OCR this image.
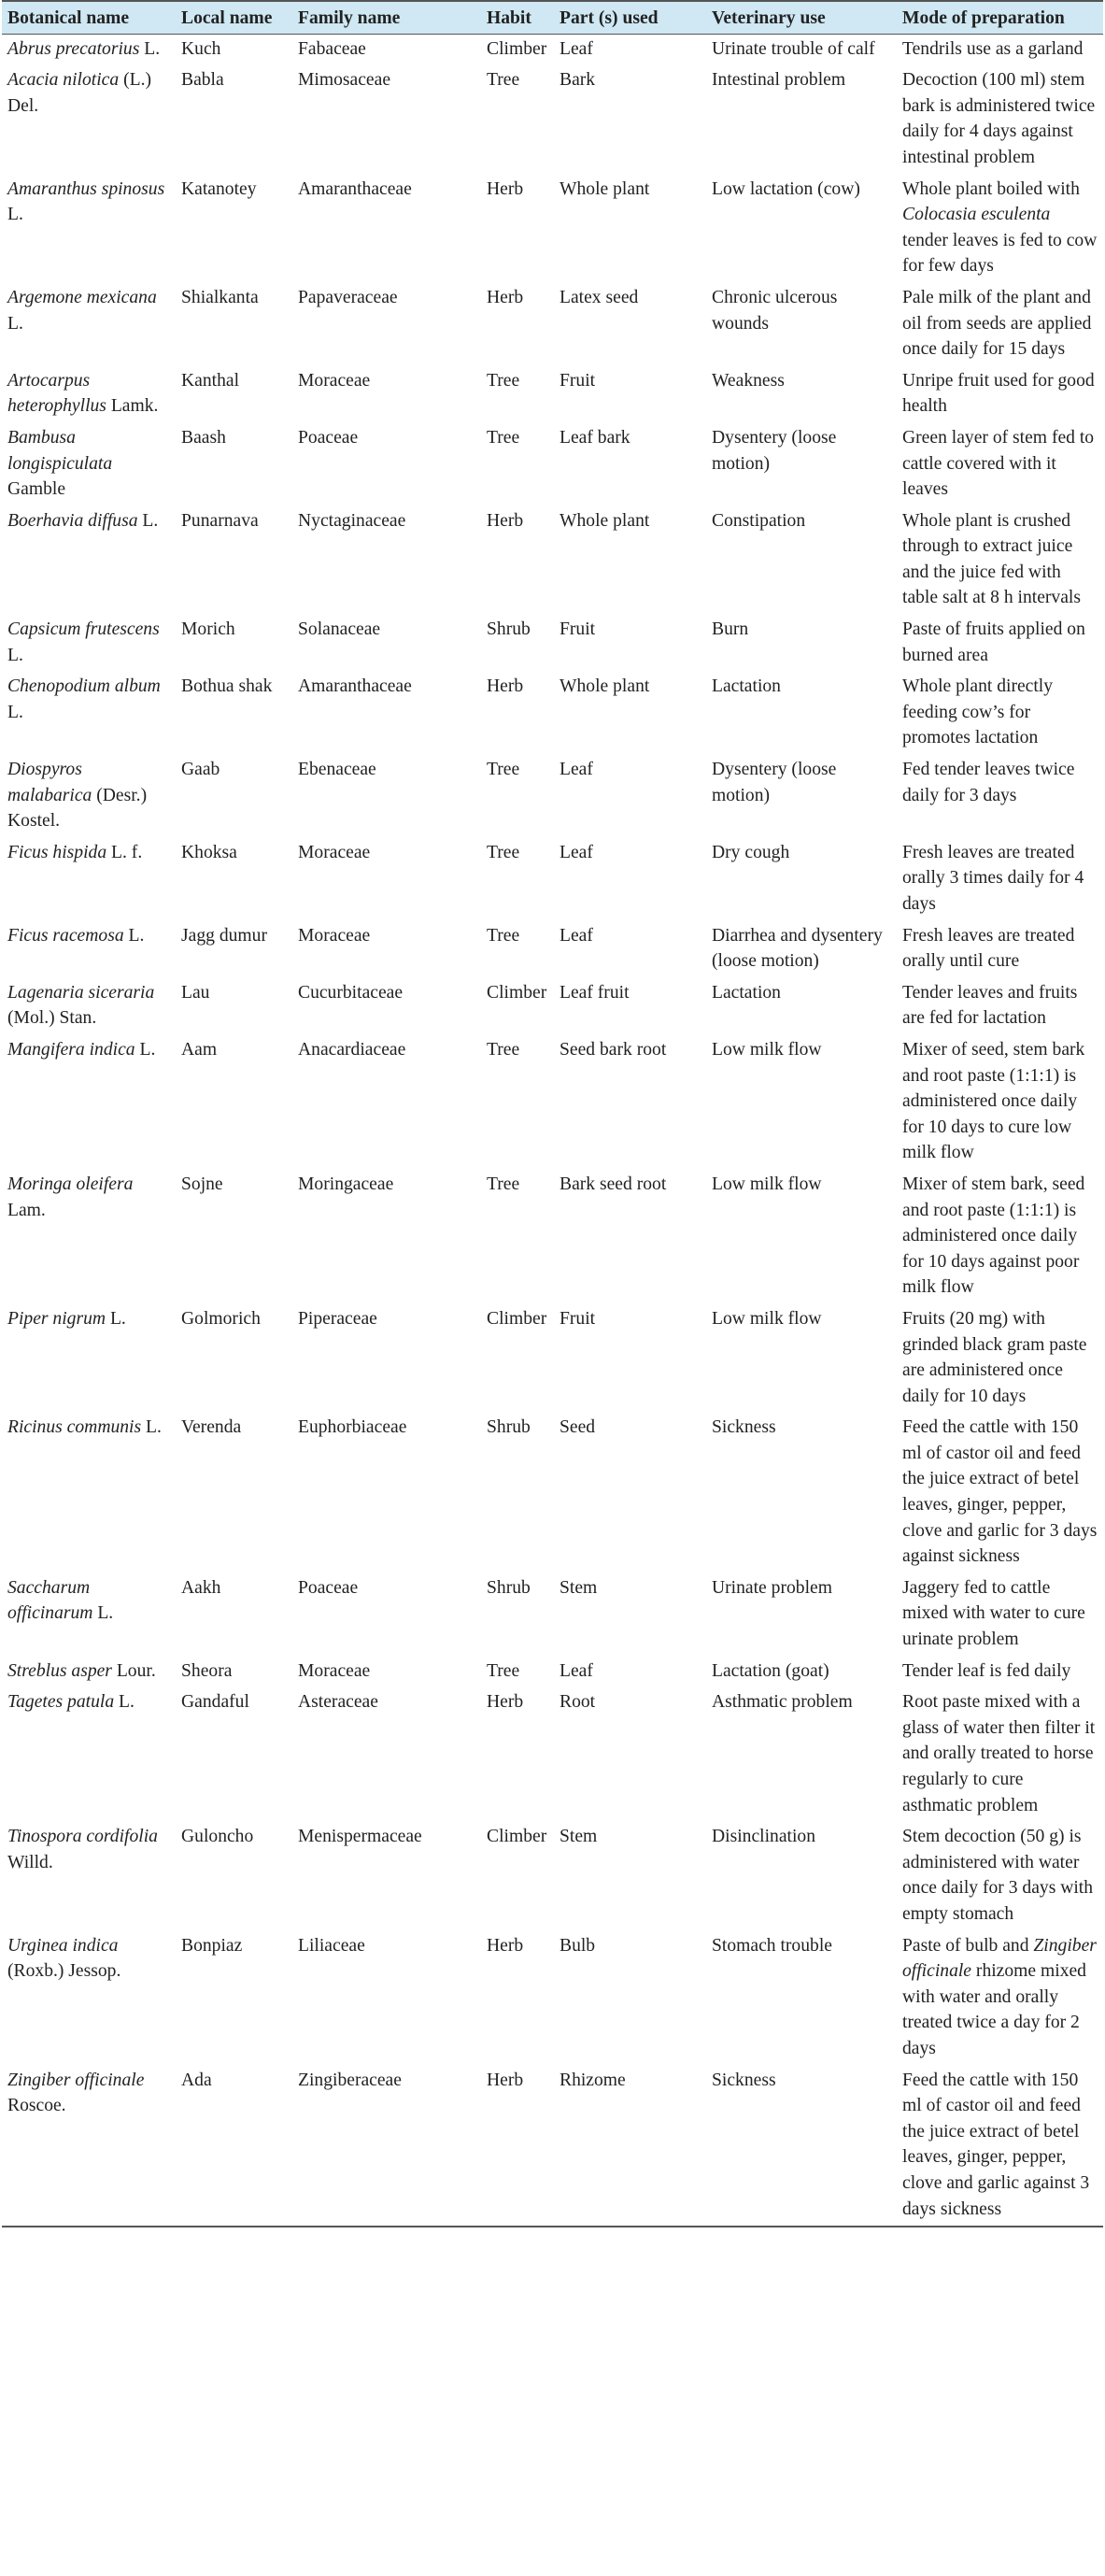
Botanical name	Local name	Family name	Habit	Part (s) used	Veterinary use	Mode of preparation
Abrus precatorius L.	Kuch	Fabaceae	Climber	Leaf	Urinate trouble of calf	Tendrils use as a garland
Acacia nilotica (L.) Del.	Babla	Mimosaceae	Tree	Bark	Intestinal problem	Decoction (100 ml) stem bark is administered twice daily for 4 days against intestinal problem
Amaranthus spinosus L.	Katanotey	Amaranthaceae	Herb	Whole plant	Low lactation (cow)	Whole plant boiled with Colocasia esculenta tender leaves is fed to cow for few days
Argemone mexicana L.	Shialkanta	Papaveraceae	Herb	Latex seed	Chronic ulcerous wounds	Pale milk of the plant and oil from seeds are applied once daily for 15 days
Artocarpus heterophyllus Lamk.	Kanthal	Moraceae	Tree	Fruit	Weakness	Unripe fruit used for good health
Bambusa longispiculata Gamble	Baash	Poaceae	Tree	Leaf bark	Dysentery (loose motion)	Green layer of stem fed to cattle covered with it leaves
Boerhavia diffusa L.	Punarnava	Nyctaginaceae	Herb	Whole plant	Constipation	Whole plant is crushed through to extract juice and the juice fed with table salt at 8 h intervals
Capsicum frutescens L.	Morich	Solanaceae	Shrub	Fruit	Burn	Paste of fruits applied on burned area
Chenopodium album L.	Bothua shak	Amaranthaceae	Herb	Whole plant	Lactation	Whole plant directly feeding cow’s for promotes lactation
Diospyros malabarica (Desr.) Kostel.	Gaab	Ebenaceae	Tree	Leaf	Dysentery (loose motion)	Fed tender leaves twice daily for 3 days
Ficus hispida L. f.	Khoksa	Moraceae	Tree	Leaf	Dry cough	Fresh leaves are treated orally 3 times daily for 4 days
Ficus racemosa L.	Jagg dumur	Moraceae	Tree	Leaf	Diarrhea and dysentery (loose motion)	Fresh leaves are treated orally until cure
Lagenaria siceraria (Mol.) Stan.	Lau	Cucurbitaceae	Climber	Leaf fruit	Lactation	Tender leaves and fruits are fed for lactation
Mangifera indica L.	Aam	Anacardiaceae	Tree	Seed bark root	Low milk flow	Mixer of seed, stem bark and root paste (1:1:1) is administered once daily for 10 days to cure low milk flow
Moringa oleifera Lam.	Sojne	Moringaceae	Tree	Bark seed root	Low milk flow	Mixer of stem bark, seed and root paste (1:1:1) is administered once daily for 10 days against poor milk flow
Piper nigrum L.	Golmorich	Piperaceae	Climber	Fruit	Low milk flow	Fruits (20 mg) with grinded black gram paste are administered once daily for 10 days
Ricinus communis L.	Verenda	Euphorbiaceae	Shrub	Seed	Sickness	Feed the cattle with 150 ml of castor oil and feed the juice extract of betel leaves, ginger, pepper, clove and garlic for 3 days against sickness
Saccharum officinarum L.	Aakh	Poaceae	Shrub	Stem	Urinate problem	Jaggery fed to cattle mixed with water to cure urinate problem
Streblus asper Lour.	Sheora	Moraceae	Tree	Leaf	Lactation (goat)	Tender leaf is fed daily
Tagetes patula L.	Gandaful	Asteraceae	Herb	Root	Asthmatic problem	Root paste mixed with a glass of water then filter it and orally treated to horse regularly to cure asthmatic problem
Tinospora cordifolia Willd.	Guloncho	Menispermaceae	Climber	Stem	Disinclination	Stem decoction (50 g) is administered with water once daily for 3 days with empty stomach
Urginea indica (Roxb.) Jessop.	Bonpiaz	Liliaceae	Herb	Bulb	Stomach trouble	Paste of bulb and Zingiber officinale rhizome mixed with water and orally treated twice a day for 2 days
Zingiber officinale Roscoe.	Ada	Zingiberaceae	Herb	Rhizome	Sickness	Feed the cattle with 150 ml of castor oil and feed the juice extract of betel leaves, ginger, pepper, clove and garlic against 3 days sickness
